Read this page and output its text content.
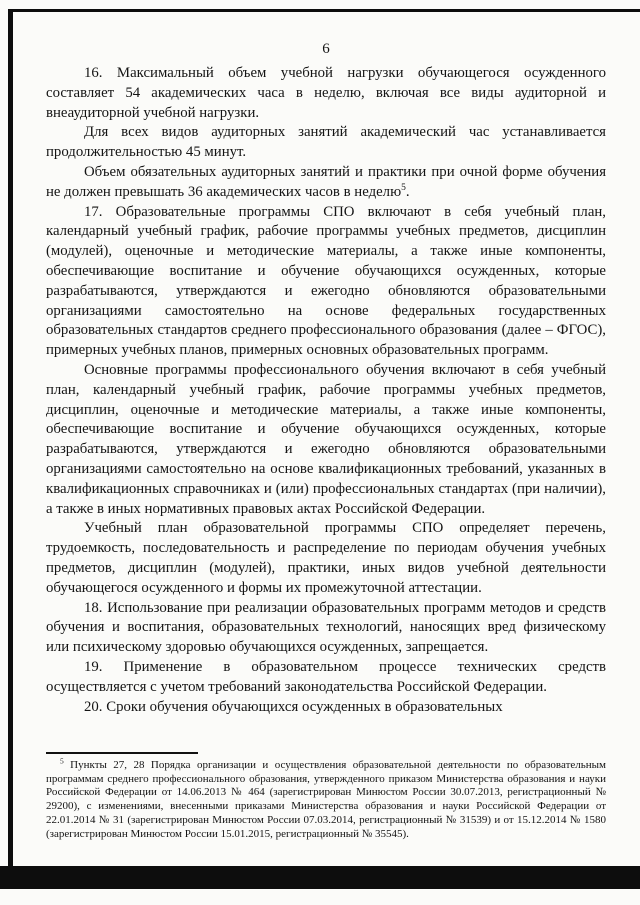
6

16. Максимальный объем учебной нагрузки обучающегося осужденного составляет 54 академических часа в неделю, включая все виды аудиторной и внеаудиторной учебной нагрузки.

Для всех видов аудиторных занятий академический час устанавливается продолжительностью 45 минут.

Объем обязательных аудиторных занятий и практики при очной форме обучения не должен превышать 36 академических часов в неделю$^5$.

17. Образовательные программы СПО включают в себя учебный план, календарный учебный график, рабочие программы учебных предметов, дисциплин (модулей), оценочные и методические материалы, а также иные компоненты, обеспечивающие воспитание и обучение обучающихся осужденных, которые разрабатываются, утверждаются и ежегодно обновляются образовательными организациями самостоятельно на основе федеральных государственных образовательных стандартов среднего профессионального образования (далее – ФГОС), примерных учебных планов, примерных основных образовательных программ.

Основные программы профессионального обучения включают в себя учебный план, календарный учебный график, рабочие программы учебных предметов, дисциплин, оценочные и методические материалы, а также иные компоненты, обеспечивающие воспитание и обучение обучающихся осужденных, которые разрабатываются, утверждаются и ежегодно обновляются образовательными организациями самостоятельно на основе квалификационных требований, указанных в квалификационных справочниках и (или) профессиональных стандартах (при наличии), а также в иных нормативных правовых актах Российской Федерации.

Учебный план образовательной программы СПО определяет перечень, трудоемкость, последовательность и распределение по периодам обучения учебных предметов, дисциплин (модулей), практики, иных видов учебной деятельности обучающегося осужденного и формы их промежуточной аттестации.

18. Использование при реализации образовательных программ методов и средств обучения и воспитания, образовательных технологий, наносящих вред физическому или психическому здоровью обучающихся осужденных, запрещается.

19. Применение в образовательном процессе технических средств осуществляется с учетом требований законодательства Российской Федерации.

20. Сроки обучения обучающихся осужденных в образовательных

$^5$ Пункты 27, 28 Порядка организации и осуществления образовательной деятельности по образовательным программам среднего профессионального образования, утвержденного приказом Министерства образования и науки Российской Федерации от 14.06.2013 № 464 (зарегистрирован Минюстом России 30.07.2013, регистрационный № 29200), с изменениями, внесенными приказами Министерства образования и науки Российской Федерации от 22.01.2014 № 31 (зарегистрирован Минюстом России 07.03.2014, регистрационный № 31539) и от 15.12.2014 № 1580 (зарегистрирован Минюстом России 15.01.2015, регистрационный № 35545).
